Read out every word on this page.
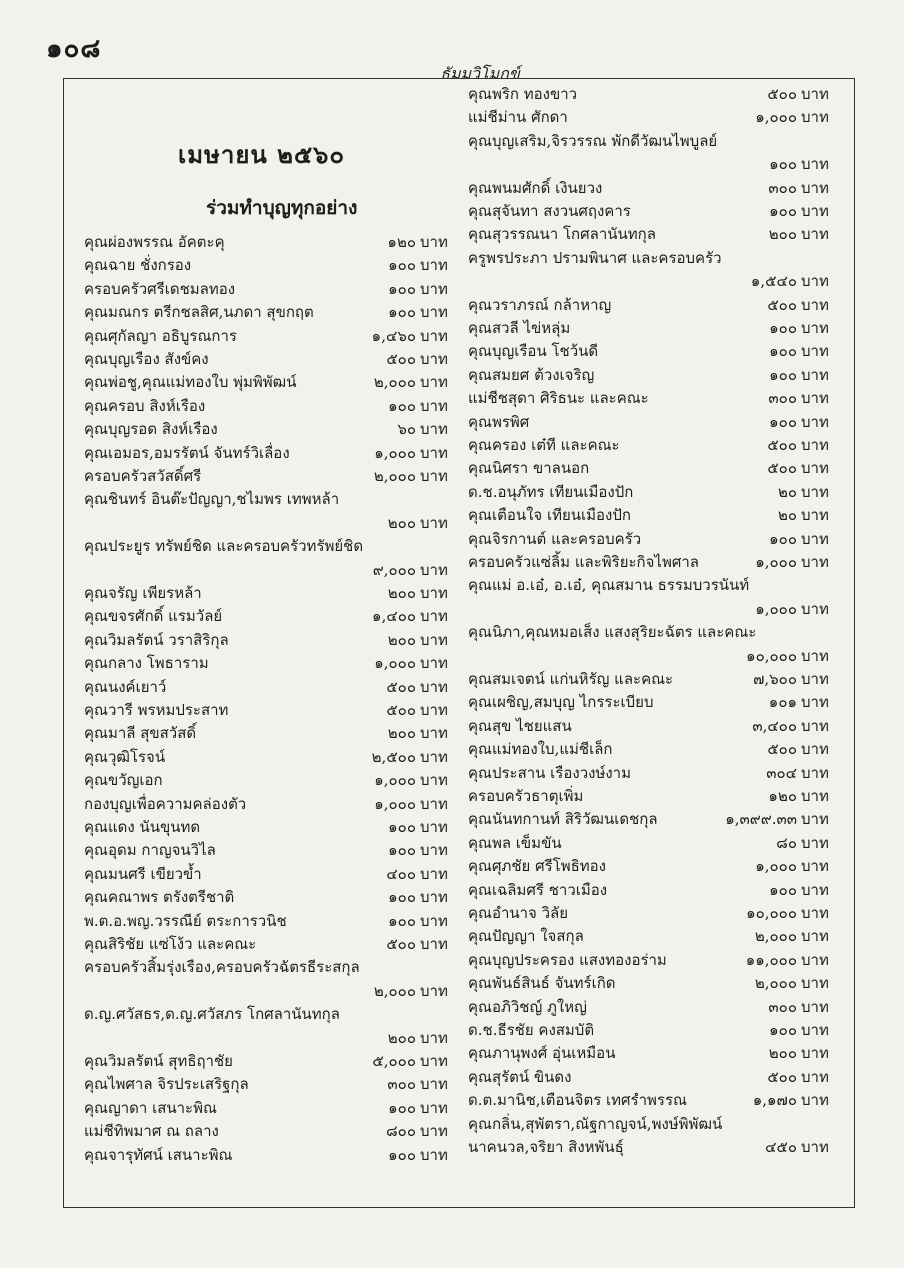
๑๐๘
ธัมมวิโมกข์
เมษายน ๒๕๖๐
ร่วมทำบุญทุกอย่าง
คุณผ่องพรรณ อัคตะคุ	๑๒๐ บาท
คุณฉาย ชั่งกรอง	๑๐๐ บาท
ครอบครัวศรีเดชมลทอง	๑๐๐ บาท
คุณมณกร ตรีกชลสิศ,นภดา สุขกฤต	๑๐๐ บาท
คุณศุกัลญา อธิบูรณการ	๑,๔๖๐ บาท
คุณบุญเรือง สังข์คง	๕๐๐ บาท
คุณพ่อชู,คุณแม่ทองใบ พุ่มพิพัฒน์	๒,๐๐๐ บาท
คุณครอบ สิงห์เรือง	๑๐๐ บาท
คุณบุญรอด สิงห์เรือง	๖๐ บาท
คุณเอมอร,อมรรัตน์ จันทร์วิเลื่อง	๑,๐๐๐ บาท
ครอบครัวสวัสดิ์ศรี	๒,๐๐๐ บาท
คุณชินทร์ อินต๊ะปัญญา,ชไมพร เทพหล้า
๒๐๐ บาท
คุณประยูร ทรัพย์ชิด และครอบครัวทรัพย์ชิด
๙,๐๐๐ บาท
คุณจรัญ เพียรหล้า	๒๐๐ บาท
คุณขจรศักดิ์ แรมวัลย์	๑,๔๐๐ บาท
คุณวิมลรัตน์ วราสิริกุล	๒๐๐ บาท
คุณกลาง โพธาราม	๑,๐๐๐ บาท
คุณนงค์เยาว์	๕๐๐ บาท
คุณวารี พรหมประสาท	๕๐๐ บาท
คุณมาลี สุขสวัสดิ์	๒๐๐ บาท
คุณวุฒิโรจน์	๒,๕๐๐ บาท
คุณขวัญเอก	๑,๐๐๐ บาท
กองบุญเพื่อความคล่องตัว	๑,๐๐๐ บาท
คุณแดง นันขุนทด	๑๐๐ บาท
คุณอุดม กาญจนวิไล	๑๐๐ บาท
คุณมนศรี เขียวข้ำ	๔๐๐ บาท
คุณคณาพร ตรังตรีชาติ	๑๐๐ บาท
พ.ต.อ.พญ.วรรณีย์ ตระการวนิช	๑๐๐ บาท
คุณสิริชัย แซ่โง้ว และคณะ	๕๐๐ บาท
ครอบครัวสิ้มรุ่งเรือง,ครอบครัวฉัตรธีระสกุล
๒,๐๐๐ บาท
ด.ญ.ศวัสธร,ด.ญ.ศวัสภร โกศลานันทกุล
๒๐๐ บาท
คุณวิมลรัตน์ สุทธิฤาชัย	๕,๐๐๐ บาท
คุณไพศาล จิรประเสริฐกุล	๓๐๐ บาท
คุณญาดา เสนาะพิณ	๑๐๐ บาท
แม่ชีทิพมาศ ณ ถลาง	๘๐๐ บาท
คุณจารุทัศน์ เสนาะพิณ	๑๐๐ บาท
คุณพริก ทองขาว	๕๐๐ บาท
แม่ชีม่าน ศักดา	๑,๐๐๐ บาท
คุณบุญเสริม,จิรวรรณ พักดีวัฒนไพบูลย์
๑๐๐ บาท
คุณพนมศักดิ์ เงินยวง	๓๐๐ บาท
คุณสุจันทา สงวนศฤงคาร	๑๐๐ บาท
คุณสุวรรณนา โกศลานันทกุล	๒๐๐ บาท
ครูพรประภา ปรามพินาศ และครอบครัว
๑,๕๔๐ บาท
คุณวราภรณ์ กล้าหาญ	๕๐๐ บาท
คุณสวลี ไข่หลุ่ม	๑๐๐ บาท
คุณบุญเรือน โชว้นดี	๑๐๐ บาท
คุณสมยศ ต้วงเจริญ	๑๐๐ บาท
แม่ชีชสุดา ศิริธนะ และคณะ	๓๐๐ บาท
คุณพรพิศ	๑๐๐ บาท
คุณครอง เต๋ที และคณะ	๕๐๐ บาท
คุณนิศรา ขาลนอก	๕๐๐ บาท
ด.ช.อนุภัทร เทียนเมืองปัก	๒๐ บาท
คุณเตือนใจ เทียนเมืองปัก	๒๐ บาท
คุณจิรกานต์ และครอบครัว	๑๐๐ บาท
ครอบครัวแซ่ลิ้ม และพิริยะกิจไพศาล	๑,๐๐๐ บาท
คุณแม่ อ.เอ๋, อ.เอ๋, คุณสมาน ธรรมบวรนันท์
๑,๐๐๐ บาท
คุณนิภา,คุณหมอเส็ง แสงสุริยะฉัตร และคณะ
๑๐,๐๐๐ บาท
คุณสมเจตน์ แก่นหิรัญ และคณะ	๗,๖๐๐ บาท
คุณเผชิญ,สมบุญ ไกรระเบียบ	๑๐๑ บาท
คุณสุข ไชยแสน	๓,๔๐๐ บาท
คุณแม่ทองใบ,แม่ชีเล็ก	๕๐๐ บาท
คุณประสาน เรืองวงษ์งาม	๓๐๔ บาท
ครอบครัวธาตุเพิ่ม	๑๒๐ บาท
คุณนันทกานท์ สิริวัฒนเดชกุล	๑,๓๙๙.๓๓ บาท
คุณพล เข็มขัน	๘๐ บาท
คุณศุภชัย ศรีโพธิทอง	๑,๐๐๐ บาท
คุณเฉลิมศรี ชาวเมือง	๑๐๐ บาท
คุณอำนาจ วิลัย	๑๐,๐๐๐ บาท
คุณปัญญา ใจสกุล	๒,๐๐๐ บาท
คุณบุญประครอง แสงทองอร่าม	๑๑,๐๐๐ บาท
คุณพันธ์สินธ์ จันทร์เกิด	๒,๐๐๐ บาท
คุณอภิวิชญ์ ภูใหญ่	๓๐๐ บาท
ด.ช.ธีรชัย คงสมบัติ	๑๐๐ บาท
คุณภานุพงศ์ อุ่นเหมือน	๒๐๐ บาท
คุณสุรัตน์ ขินดง	๕๐๐ บาท
ด.ต.มานิช,เตือนจิตร เทศรำพรรณ	๑,๑๗๐ บาท
คุณกลิ่น,สุพัตรา,ณัฐกาญจน์,พงษ์พิพัฒน์
นาคนวล,จริยา สิงหพันธุ์	๔๕๐ บาท
